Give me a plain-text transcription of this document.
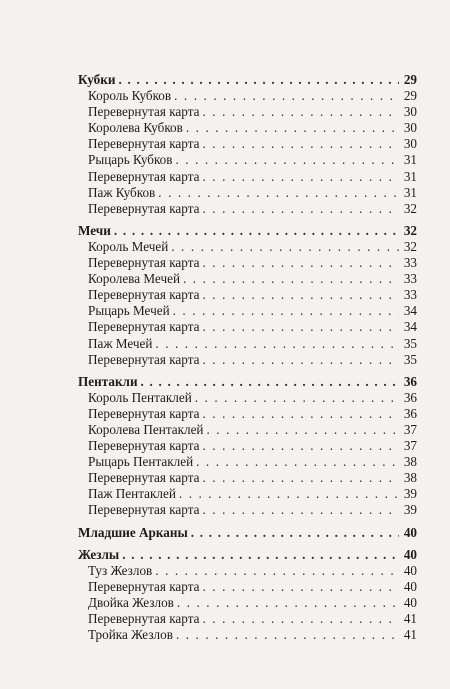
Кубки . . .	29
Король Кубков . . .	29
Перевернутая карта . . .	30
Королева Кубков . . .	30
Перевернутая карта . . .	30
Рыцарь Кубков . . .	31
Перевернутая карта . . .	31
Паж Кубков . . .	31
Перевернутая карта . . .	32
Мечи . . .	32
Король Мечей . . .	32
Перевернутая карта . . .	33
Королева Мечей . . .	33
Перевернутая карта . . .	33
Рыцарь Мечей . . .	34
Перевернутая карта . . .	34
Паж Мечей . . .	35
Перевернутая карта . . .	35
Пентакли . . .	36
Король Пентаклей . . .	36
Перевернутая карта . . .	36
Королева Пентаклей . . .	37
Перевернутая карта . . .	37
Рыцарь Пентаклей . . .	38
Перевернутая карта . . .	38
Паж Пентаклей . . .	39
Перевернутая карта . . .	39
Младшие Арканы . . .	40
Жезлы . . .	40
Туз Жезлов . . .	40
Перевернутая карта . . .	40
Двойка Жезлов . . .	40
Перевернутая карта . . .	41
Тройка Жезлов . . .	41
